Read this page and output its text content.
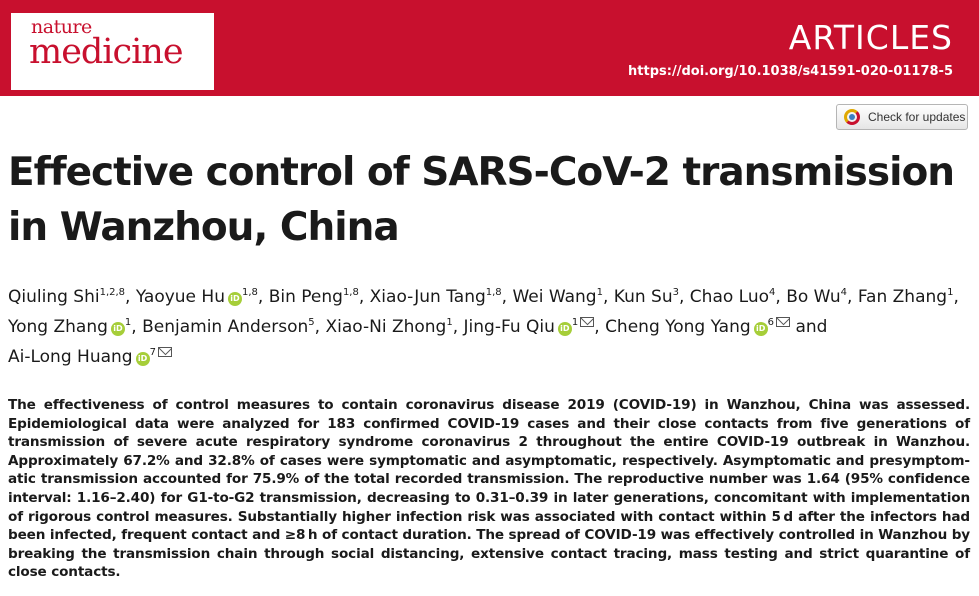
nature
medicine	ARTICLES
https://doi.org/10.1038/s41591-020-01178-5
Check for updates
Effective control of SARS-CoV-2 transmission in Wanzhou, China
Qiuling Shi$^{1,2,8}$, Yaoyue Hu iD$^{1,8}$, Bin Peng$^{1,8}$, Xiao-Jun Tang$^{1,8}$, Wei Wang$^1$, Kun Su$^3$, Chao Luo$^4$, Bo Wu$^4$, Fan Zhang$^1$, Yong Zhang $iD^1$, Benjamin Anderson$^5$, Xiao-Ni Zhong$^1$, Jing-Fu Qiu $iD^1$ , Cheng Yong Yang $iD^6$ and Ai-Long Huang $iD^7$

The effectiveness of control measures to contain coronavirus disease 2019 (COVID-19) in Wanzhou, China was assessed. Epidemiological data were analyzed for 183 confirmed COVID-19 cases and their close contacts from five generations of transmission of severe acute respiratory syndrome coronavirus 2 throughout the entire COVID-19 outbreak in Wanzhou. Approximately 67.2% and 32.8% of cases were symptomatic and asymptomatic, respectively. Asymptomatic and presymptomatic transmission accounted for 75.9% of the total recorded transmission. The reproductive number was 1.64 (95% confidence interval: 1.16–2.40) for G1-to-G2 transmission, decreasing to 0.31–0.39 in later generations, concomitant with implementation of rigorous control measures. Substantially higher infection risk was associated with contact within 5 d after the infectors had been infected, frequent contact and ≥8 h of contact duration. The spread of COVID-19 was effectively controlled in Wanzhou by breaking the transmission chain through social distancing, extensive contact tracing, mass testing and strict quarantine of close contacts.
